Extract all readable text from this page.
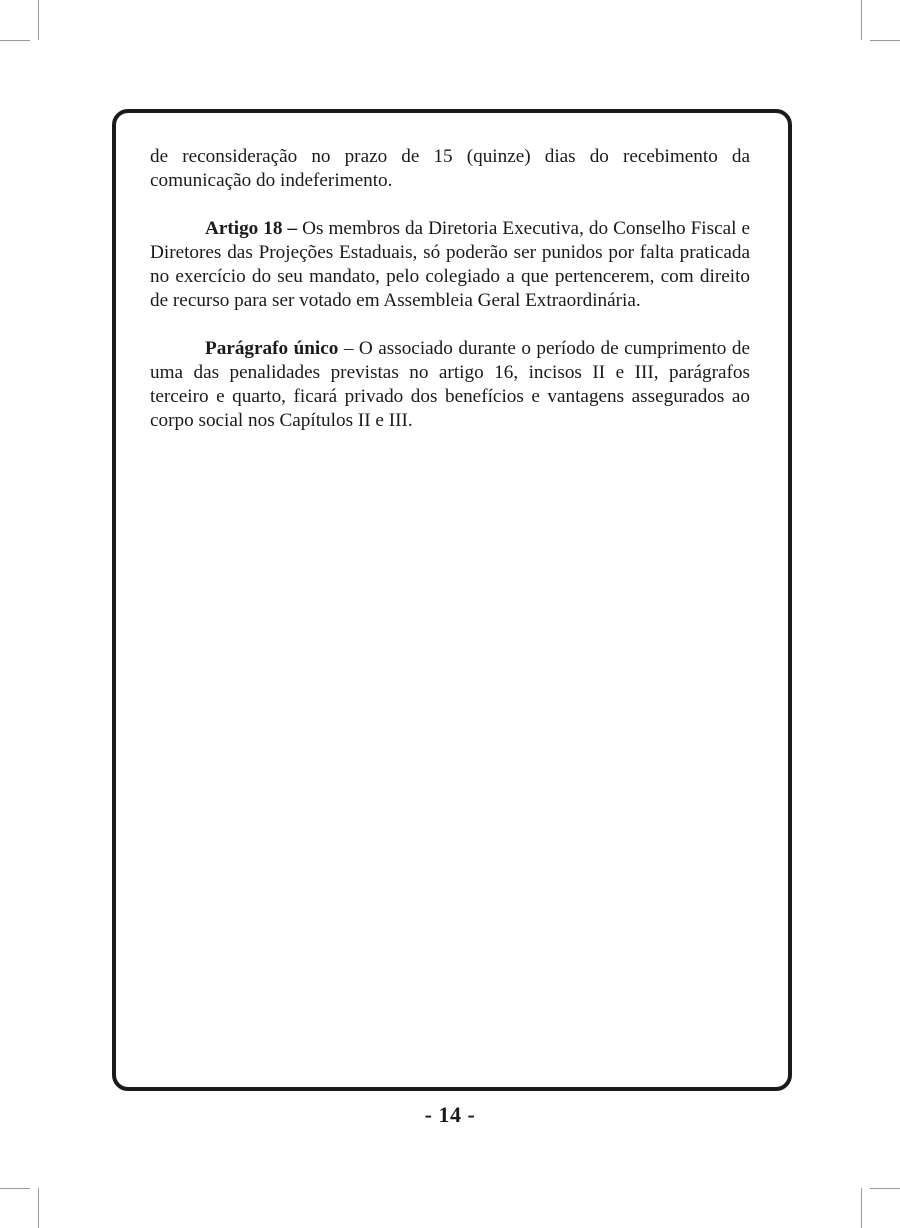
de reconsideração no prazo de 15 (quinze) dias do recebimento da comunicação do indeferimento.

Artigo 18 – Os membros da Diretoria Executiva, do Conselho Fiscal e Diretores das Projeções Estaduais, só poderão ser punidos por falta praticada no exercício do seu mandato, pelo colegiado a que pertencerem, com direito de recurso para ser votado em Assembleia Geral Extraordinária.

Parágrafo único – O associado durante o período de cumprimento de uma das penalidades previstas no artigo 16, incisos II e III, parágrafos terceiro e quarto, ficará privado dos benefícios e vantagens assegurados ao corpo social nos Capítulos II e III.

- 14 -
